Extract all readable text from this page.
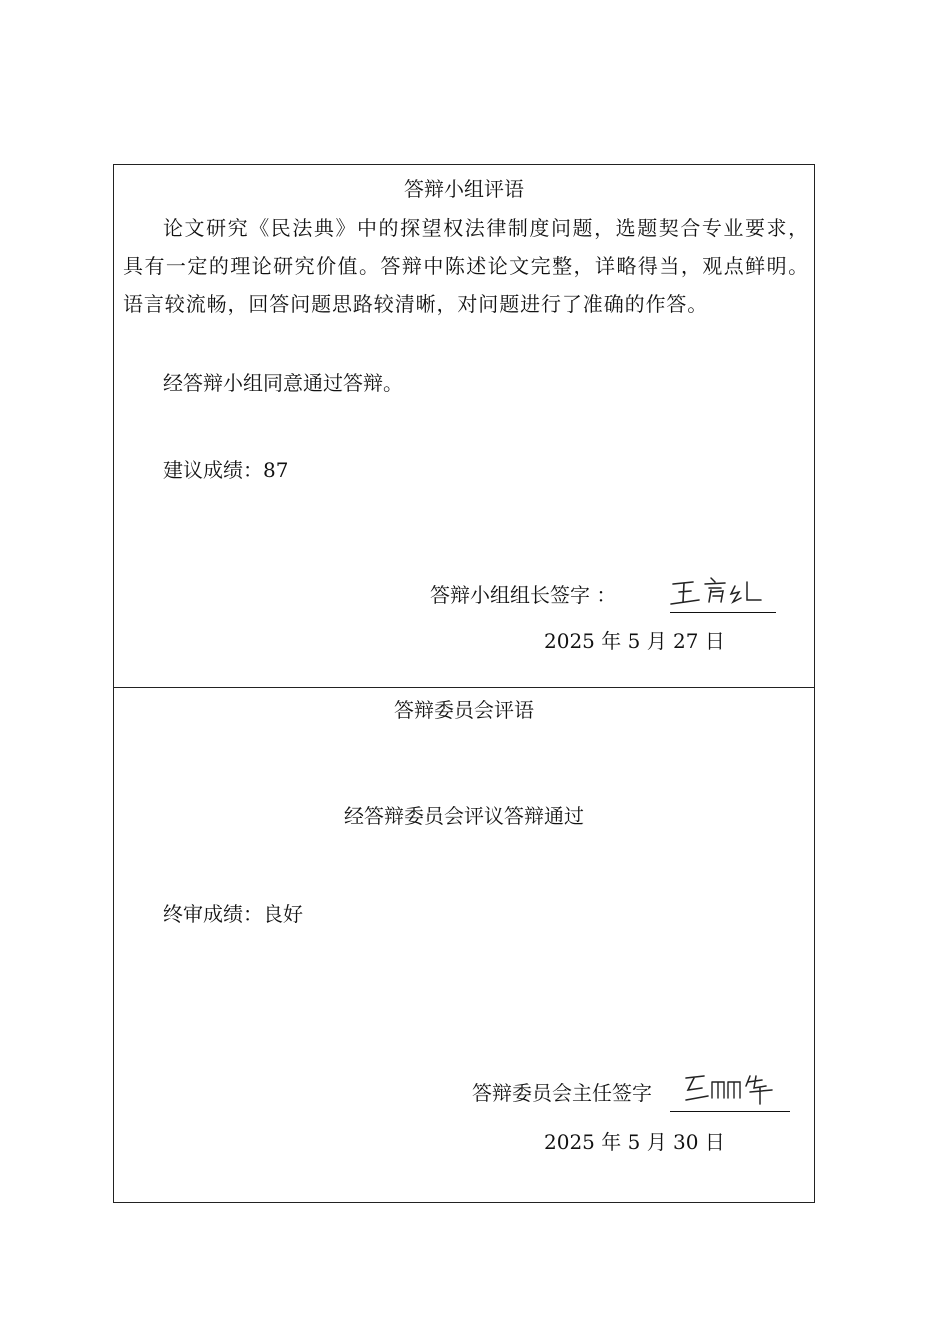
答辩小组评语

论文研究《民法典》中的探望权法律制度问题，选题契合专业要求，具有一定的理论研究价值。答辩中陈述论文完整，详略得当，观点鲜明。语言较流畅，回答问题思路较清晰，对问题进行了准确的作答。

经答辩小组同意通过答辩。
建议成绩：87
答辩小组组长签字 ：
2025 年 5 月 27 日
答辩委员会评语
经答辩委员会评议答辩通过
终审成绩：良好
答辩委员会主任签字
2025 年 5 月 30 日
